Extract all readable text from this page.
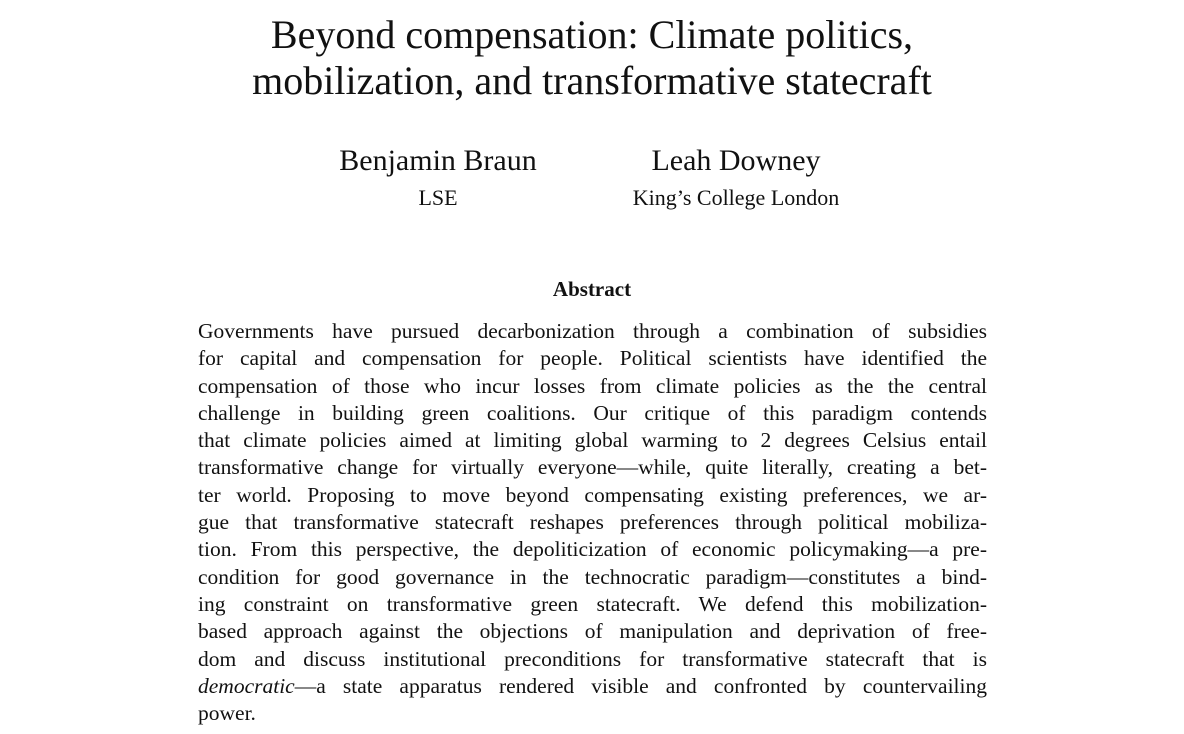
Beyond compensation: Climate politics,
mobilization, and transformative statecraft
Benjamin Braun
LSE
Leah Downey
King’s College London
Abstract
Governments have pursued decarbonization through a combination of subsidies
for capital and compensation for people. Political scientists have identified the
compensation of those who incur losses from climate policies as the the central
challenge in building green coalitions. Our critique of this paradigm contends
that climate policies aimed at limiting global warming to 2 degrees Celsius entail
transformative change for virtually everyone—while, quite literally, creating a bet-
ter world. Proposing to move beyond compensating existing preferences, we ar-
gue that transformative statecraft reshapes preferences through political mobiliza-
tion. From this perspective, the depoliticization of economic policymaking—a pre-
condition for good governance in the technocratic paradigm—constitutes a bind-
ing constraint on transformative green statecraft. We defend this mobilization-
based approach against the objections of manipulation and deprivation of free-
dom and discuss institutional preconditions for transformative statecraft that is
democratic—a state apparatus rendered visible and confronted by countervailing
power.
